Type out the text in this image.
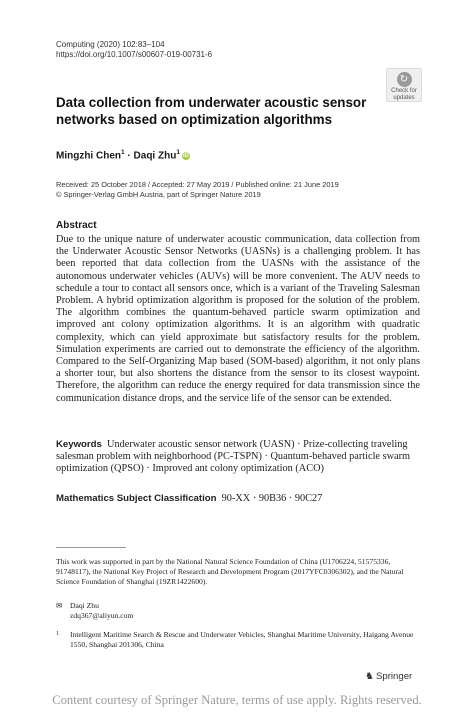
Computing (2020) 102:83–104
https://doi.org/10.1007/s00607-019-00731-6
↻
Check for
updates
Data collection from underwater acoustic sensor networks based on optimization algorithms
Mingzhi Chen$^1$ · Daqi Zhu$^1$iD
Received: 25 October 2018 / Accepted: 27 May 2019 / Published online: 21 June 2019
© Springer-Verlag GmbH Austria, part of Springer Nature 2019
Abstract
Due to the unique nature of underwater acoustic communication, data collection from the Underwater Acoustic Sensor Networks (UASNs) is a challenging problem. It has been reported that data collection from the UASNs with the assistance of the autonomous underwater vehicles (AUVs) will be more convenient. The AUV needs to schedule a tour to contact all sensors once, which is a variant of the Traveling Salesman Problem. A hybrid optimization algorithm is proposed for the solution of the problem. The algorithm combines the quantum-behaved particle swarm optimization and improved ant colony optimization algorithms. It is an algorithm with quadratic complexity, which can yield approximate but satisfactory results for the problem. Simulation experiments are carried out to demonstrate the efficiency of the algorithm. Compared to the Self-Organizing Map based (SOM-based) algorithm, it not only plans a shorter tour, but also shortens the distance from the sensor to its closest waypoint. Therefore, the algorithm can reduce the energy required for data transmission since the communication distance drops, and the service life of the sensor can be extended.
Keywords Underwater acoustic sensor network (UASN) · Prize-collecting traveling salesman problem with neighborhood (PC-TSPN) · Quantum-behaved particle swarm optimization (QPSO) · Improved ant colony optimization (ACO)
Mathematics Subject Classification 90-XX · 90B36 · 90C27
This work was supported in part by the National Natural Science Foundation of China (U1706224, 51575336, 91748117), the National Key Project of Research and Development Program (2017YFC0306302), and the Natural Science Foundation of Shanghai (19ZR1422600).
✉ Daqi Zhu
zdq367@aliyun.com
1	Intelligent Maritime Search & Rescue and Underwater Vehicles, Shanghai Maritime University, Haigang Avenue 1550, Shanghai 201306, China
♞ Springer
Content courtesy of Springer Nature, terms of use apply. Rights reserved.
